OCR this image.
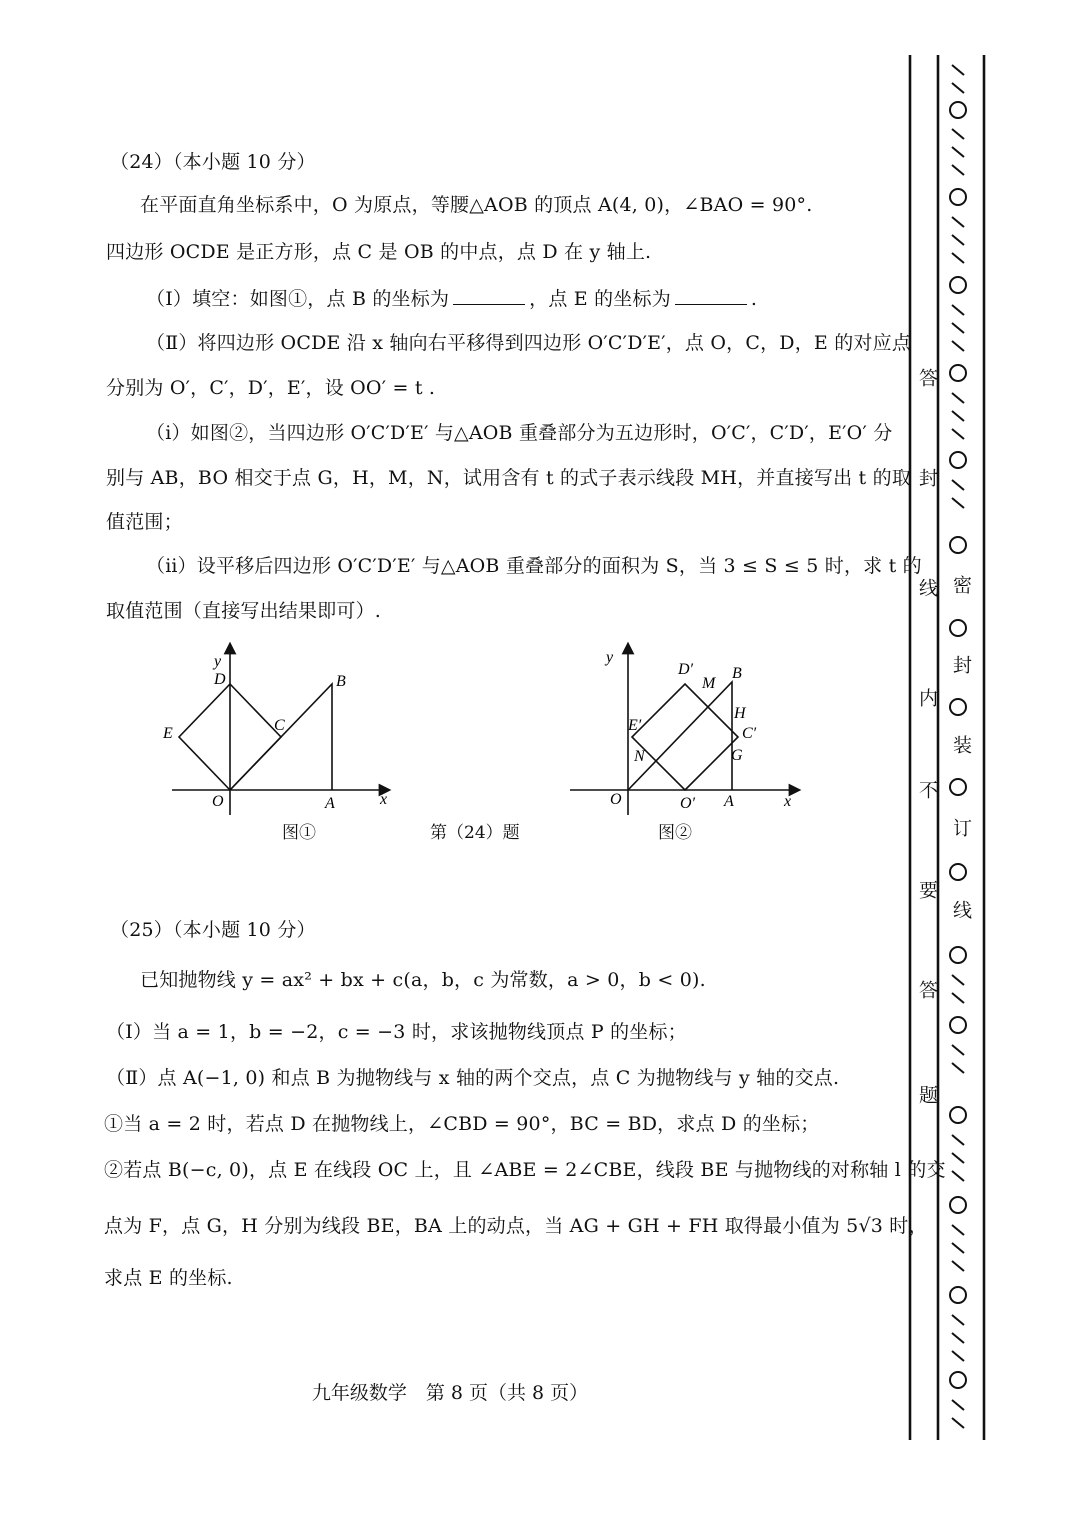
（24）（本小题 10 分）
在平面直角坐标系中，O 为原点，等腰△AOB 的顶点 A(4, 0)，∠BAO = 90°.
四边形 OCDE 是正方形，点 C 是 OB 的中点，点 D 在 y 轴上.
（Ⅰ）填空：如图①，点 B 的坐标为	，点 E 的坐标为	.
（Ⅱ）将四边形 OCDE 沿 x 轴向右平移得到四边形 O′C′D′E′，点 O，C，D，E 的对应点
分别为 O′，C′，D′，E′，设 OO′ = t .
（ⅰ）如图②，当四边形 O′C′D′E′ 与△AOB 重叠部分为五边形时，O′C′，C′D′，E′O′ 分
别与 AB，BO 相交于点 G，H，M，N，试用含有 t 的式子表示线段 MH，并直接写出 t 的取
值范围；
（ⅱ）设平移后四边形 O′C′D′E′ 与△AOB 重叠部分的面积为 S，当 3 ≤ S ≤ 5 时，求 t 的
取值范围（直接写出结果即可）.
y
x
O	A
B
C
D
E
图①	第（24）题
y
x
O	O′ A
B
D′
M
H
C′
G
E′
N
图②
（25）（本小题 10 分）
已知抛物线 y = ax² + bx + c(a，b，c 为常数，a > 0，b < 0).
（Ⅰ）当 a = 1，b = −2，c = −3 时，求该抛物线顶点 P 的坐标；
（Ⅱ）点 A(−1, 0) 和点 B 为抛物线与 x 轴的两个交点，点 C 为抛物线与 y 轴的交点.
①当 a = 2 时，若点 D 在抛物线上，∠CBD = 90°，BC = BD，求点 D 的坐标；
②若点 B(−c, 0)，点 E 在线段 OC 上，且 ∠ABE = 2∠CBE，线段 BE 与抛物线的对称轴 l 的交
点为 F，点 G，H 分别为线段 BE，BA 上的动点，当 AG + GH + FH 取得最小值为 5√3 时，
求点 E 的坐标.
九年级数学　第 8 页（共 8 页）
答
封
线
内
不
要
答
题
密
封
装
订
线
